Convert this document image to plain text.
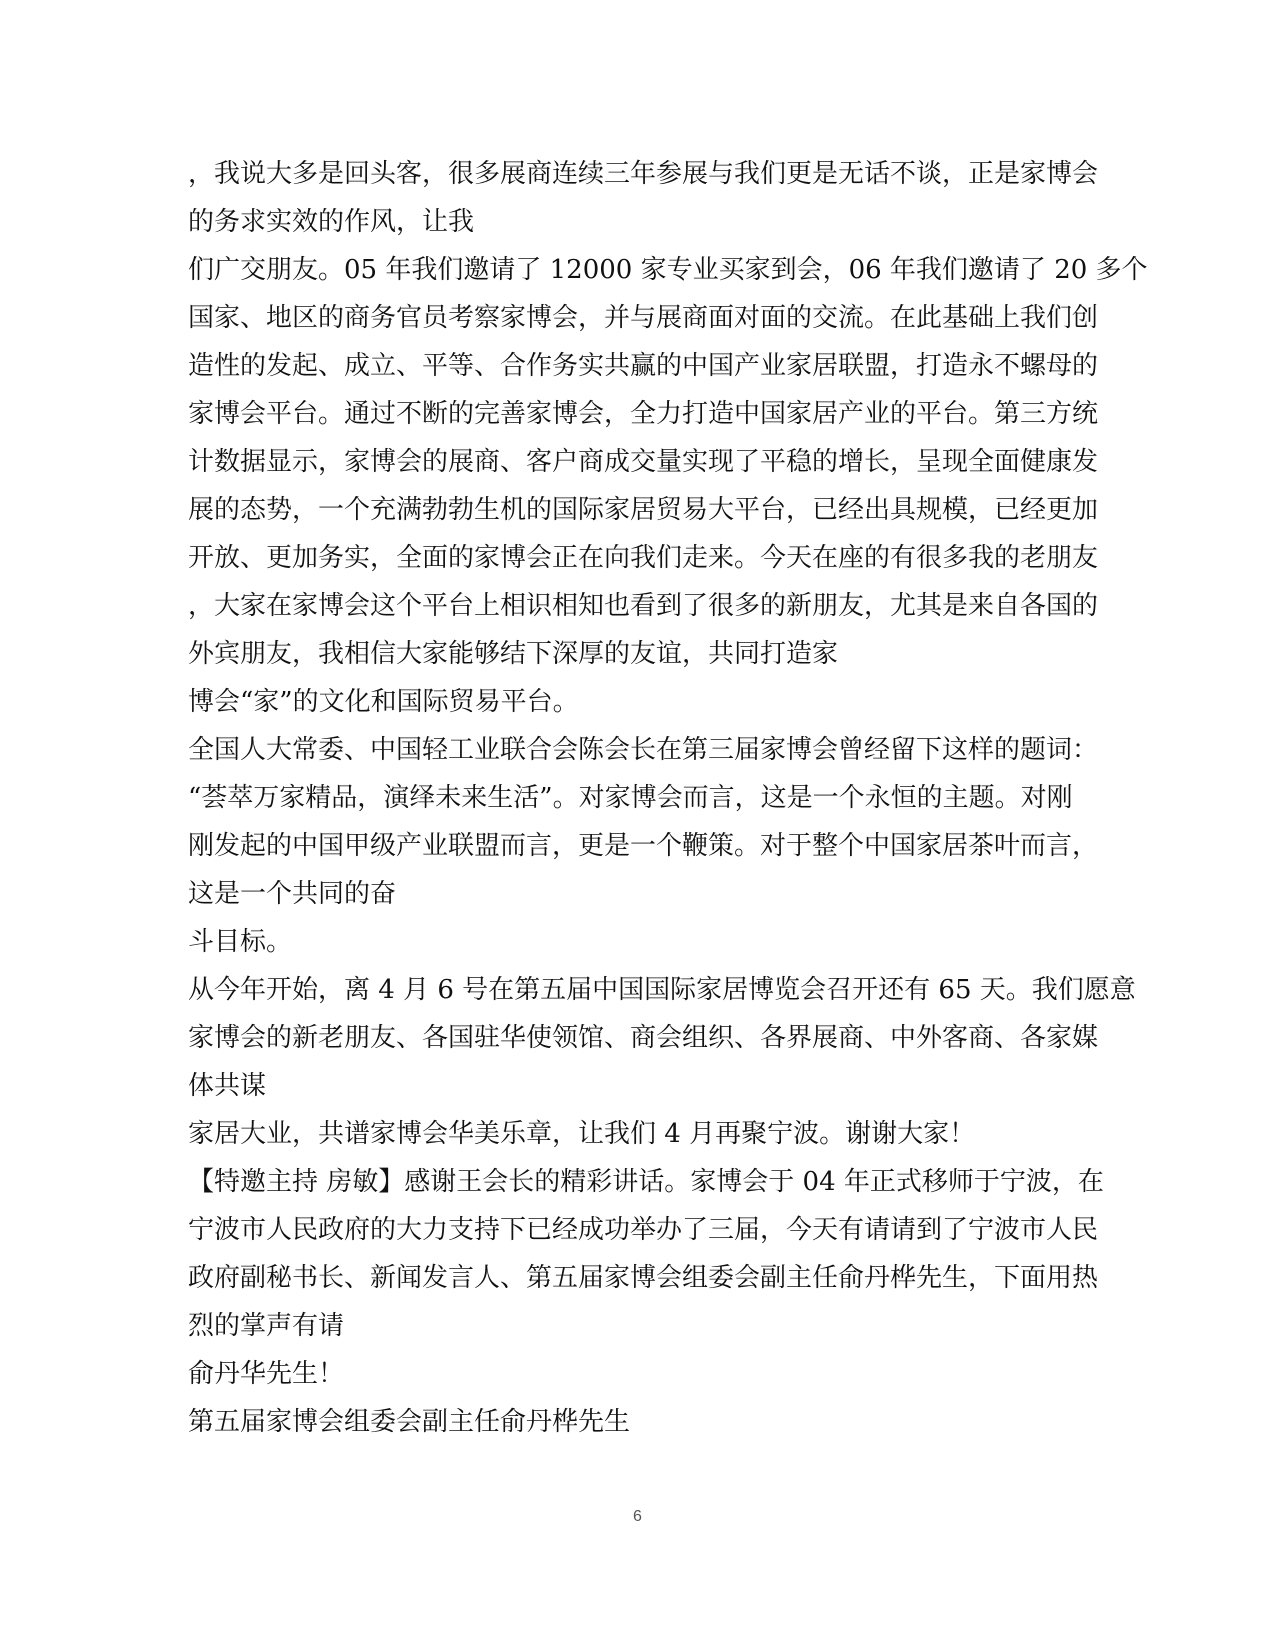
，我说大多是回头客，很多展商连续三年参展与我们更是无话不谈，正是家博会
的务求实效的作风，让我
们广交朋友。05 年我们邀请了 12000 家专业买家到会，06 年我们邀请了 20 多个
国家、地区的商务官员考察家博会，并与展商面对面的交流。在此基础上我们创
造性的发起、成立、平等、合作务实共赢的中国产业家居联盟，打造永不螺母的
家博会平台。通过不断的完善家博会，全力打造中国家居产业的平台。第三方统
计数据显示，家博会的展商、客户商成交量实现了平稳的增长，呈现全面健康发
展的态势，一个充满勃勃生机的国际家居贸易大平台，已经出具规模，已经更加
开放、更加务实，全面的家博会正在向我们走来。今天在座的有很多我的老朋友
，大家在家博会这个平台上相识相知也看到了很多的新朋友，尤其是来自各国的
外宾朋友，我相信大家能够结下深厚的友谊，共同打造家
博会“家”的文化和国际贸易平台。
全国人大常委、中国轻工业联合会陈会长在第三届家博会曾经留下这样的题词：
“荟萃万家精品，演绎未来生活”。对家博会而言，这是一个永恒的主题。对刚
刚发起的中国甲级产业联盟而言，更是一个鞭策。对于整个中国家居茶叶而言，
这是一个共同的奋
斗目标。
从今年开始，离 4 月 6 号在第五届中国国际家居博览会召开还有 65 天。我们愿意
家博会的新老朋友、各国驻华使领馆、商会组织、各界展商、中外客商、各家媒
体共谋
家居大业，共谱家博会华美乐章，让我们 4 月再聚宁波。谢谢大家！
【特邀主持 房敏】感谢王会长的精彩讲话。家博会于 04 年正式移师于宁波，在
宁波市人民政府的大力支持下已经成功举办了三届，今天有请请到了宁波市人民
政府副秘书长、新闻发言人、第五届家博会组委会副主任俞丹桦先生，下面用热
烈的掌声有请
俞丹华先生！
第五届家博会组委会副主任俞丹桦先生
6
